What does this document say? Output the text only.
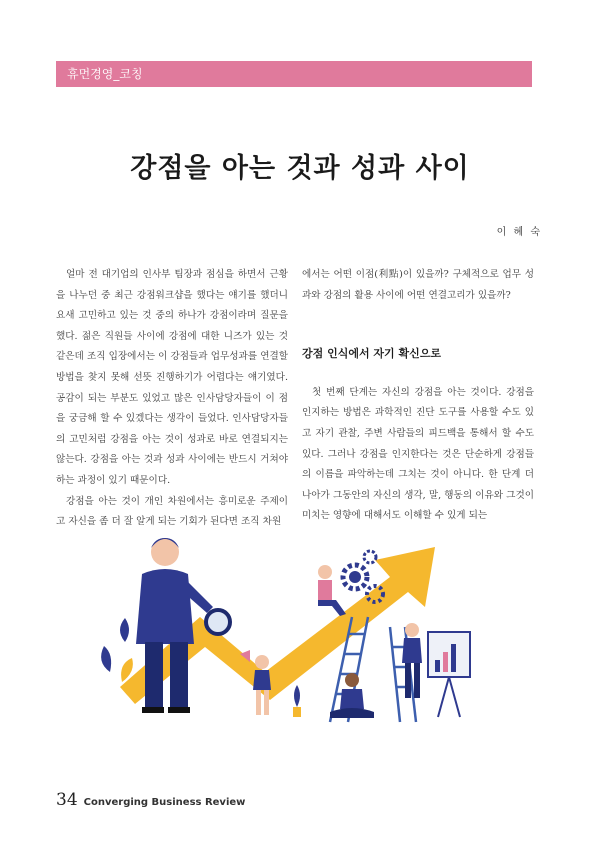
휴먼경영_코칭
강점을 아는 것과 성과 사이
이 혜 숙

얼마 전 대기업의 인사부 팀장과 점심을 하면서 근황을 나누던 중 최근 강점워크샵을 했다는 얘기를 했더니 요새 고민하고 있는 것 중의 하나가 강점이라며 질문을 했다. 젊은 직원들 사이에 강점에 대한 니즈가 있는 것 같은데 조직 입장에서는 이 강점들과 업무성과를 연결할 방법을 찾지 못해 선뜻 진행하기가 어렵다는 얘기였다. 공감이 되는 부분도 있었고 많은 인사담당자들이 이 점을 궁금해 할 수 있겠다는 생각이 들었다. 인사담당자들의 고민처럼 강점을 아는 것이 성과로 바로 연결되지는 않는다. 강점을 아는 것과 성과 사이에는 반드시 거쳐야 하는 과정이 있기 때문이다.

강점을 아는 것이 개인 차원에서는 흥미로운 주제이고 자신을 좀 더 잘 알게 되는 기회가 된다면 조직 차원

에서는 어떤 이점(利點)이 있을까? 구체적으로 업무 성과와 강점의 활용 사이에 어떤 연결고리가 있을까?

강점 인식에서 자기 확신으로

첫 번째 단계는 자신의 강점을 아는 것이다. 강점을 인지하는 방법은 과학적인 진단 도구를 사용할 수도 있고 자기 관찰, 주변 사람들의 피드백을 통해서 할 수도 있다. 그러나 강점을 인지한다는 것은 단순하게 강점들의 이름을 파악하는데 그치는 것이 아니다. 한 단계 더 나아가 그동안의 자신의 생각, 말, 행동의 이유와 그것이 미치는 영향에 대해서도 이해할 수 있게 되는

34 Converging Business Review
